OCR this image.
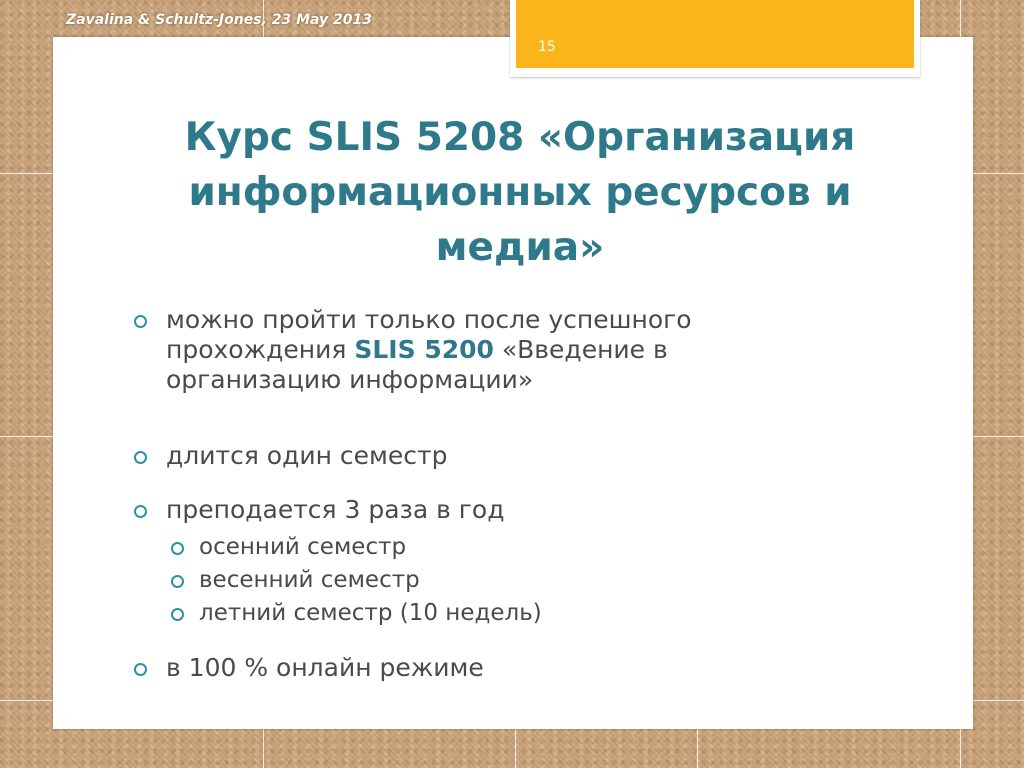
Zavalina & Schultz-Jones, 23 May 2013
15
Курс SLIS 5208 «Организация
информационных ресурсов и
медиа»
можно пройти только после успешного
прохождения SLIS 5200 «Введение в
организацию информации»
длится один семестр
преподается 3 раза в год
осенний семестр
весенний семестр
летний семестр (10 недель)
в 100 % онлайн режиме
